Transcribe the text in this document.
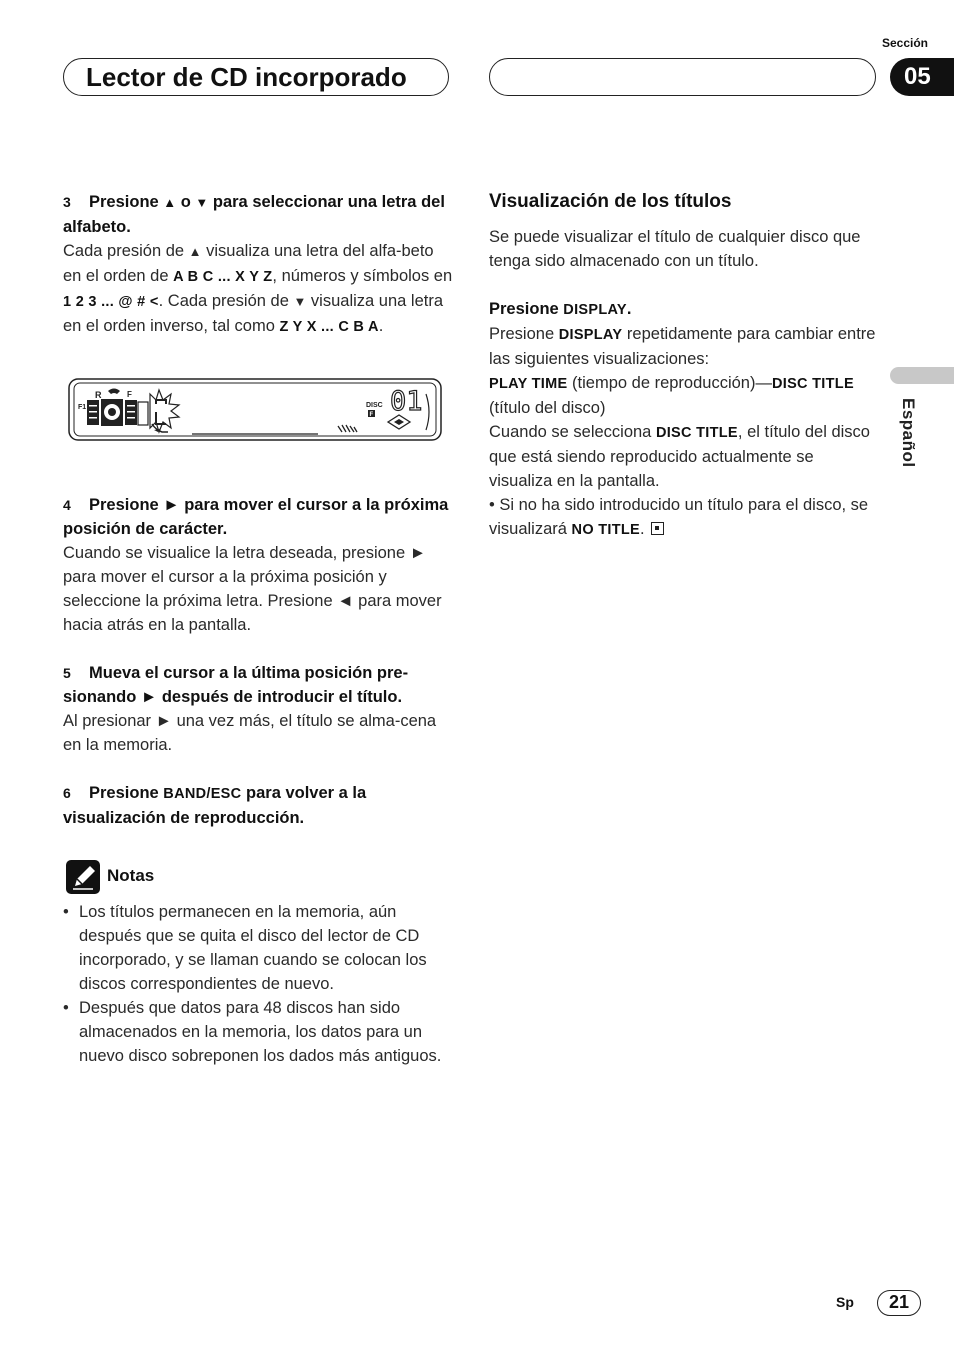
Lector de CD incorporado
Sección
05
Español

3 Presione ▲ o ▼ para seleccionar una letra del alfabeto.

Cada presión de ▲ visualiza una letra del alfa-beto en el orden de A B C ... X Y Z, números y símbolos en 1 2 3 ... @ # <. Cada presión de ▼ visualiza una letra en el orden inverso, tal como Z Y X ... C B A.

R
F1
F
DISC
F 01

4 Presione ► para mover el cursor a la próxima posición de carácter.

Cuando se visualice la letra deseada, presione ► para mover el cursor a la próxima posición y seleccione la próxima letra. Presione ◄ para mover hacia atrás en la pantalla.

5 Mueva el cursor a la última posición pre-sionando ► después de introducir el título.

Al presionar ► una vez más, el título se alma-cena en la memoria.

6 Presione BAND/ESC para volver a la visualización de reproducción.

Notas
• Los títulos permanecen en la memoria, aún después que se quita el disco del lector de CD incorporado, y se llaman cuando se colocan los discos correspondientes de nuevo.
• Después que datos para 48 discos han sido almacenados en la memoria, los datos para un nuevo disco sobreponen los dados más antiguos.

Visualización de los títulos

Se puede visualizar el título de cualquier disco que tenga sido almacenado con un título.

Presione DISPLAY.

Presione DISPLAY repetidamente para cambiar entre las siguientes visualizaciones:

PLAY TIME (tiempo de reproducción)—DISC TITLE (título del disco)

Cuando se selecciona DISC TITLE, el título del disco que está siendo reproducido actualmente se visualiza en la pantalla.

• Si no ha sido introducido un título para el disco, se visualizará NO TITLE.

Sp	21
